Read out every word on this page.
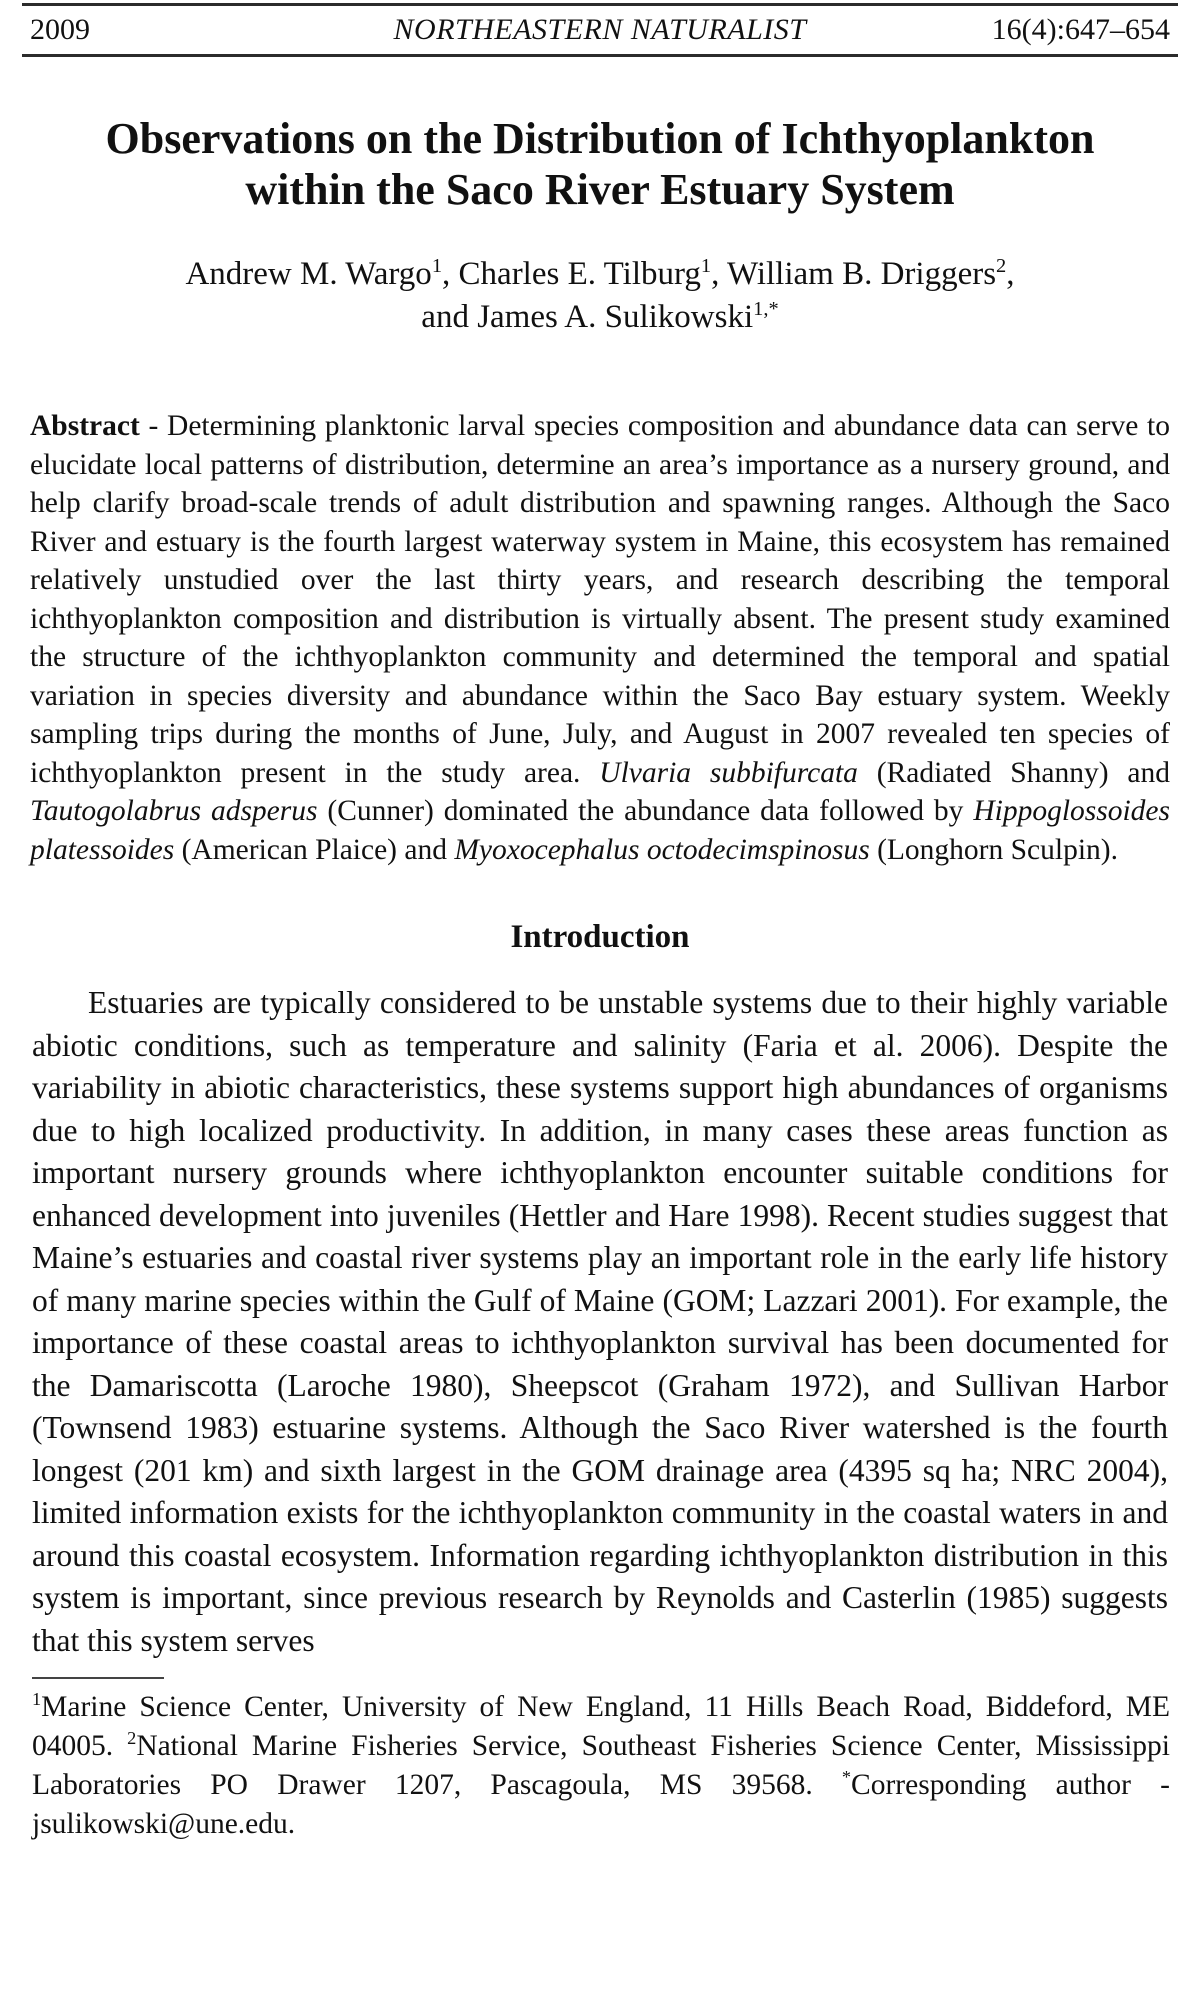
2009	NORTHEASTERN NATURALIST	16(4):647–654
Observations on the Distribution of Ichthyoplankton
within the Saco River Estuary System
Andrew M. Wargo$^1$, Charles E. Tilburg$^1$, William B. Driggers$^2$,
and James A. Sulikowski$^{1,*}$

Abstract - Determining planktonic larval species composition and abundance data can serve to elucidate local patterns of distribution, determine an area’s importance as a nursery ground, and help clarify broad-scale trends of adult distribution and spawning ranges. Although the Saco River and estuary is the fourth largest waterway system in Maine, this ecosystem has remained relatively unstudied over the last thirty years, and research describing the temporal ichthyoplankton composition and distribution is virtually absent. The present study examined the structure of the ichthyoplankton community and determined the temporal and spatial variation in species diversity and abundance within the Saco Bay estuary system. Weekly sampling trips during the months of June, July, and August in 2007 revealed ten species of ichthyoplankton present in the study area. Ulvaria subbifurcata (Radiated Shanny) and Tautogolabrus adsperus (Cunner) dominated the abundance data followed by Hippoglossoides platessoides (American Plaice) and Myoxocephalus octodecimspinosus (Longhorn Sculpin).

Introduction

Estuaries are typically considered to be unstable systems due to their highly variable abiotic conditions, such as temperature and salinity (Faria et al. 2006). Despite the variability in abiotic characteristics, these systems support high abundances of organisms due to high localized productivity. In addition, in many cases these areas function as important nursery grounds where ichthyoplankton encounter suitable conditions for enhanced development into juveniles (Hettler and Hare 1998). Recent studies suggest that Maine’s estuaries and coastal river systems play an important role in the early life history of many marine species within the Gulf of Maine (GOM; Lazzari 2001). For example, the importance of these coastal areas to ichthyoplankton survival has been documented for the Damariscotta (Laroche 1980), Sheepscot (Graham 1972), and Sullivan Harbor (Townsend 1983) estuarine systems. Although the Saco River watershed is the fourth longest (201 km) and sixth largest in the GOM drainage area (4395 sq ha; NRC 2004), limited information exists for the ichthyoplankton community in the coastal waters in and around this coastal ecosystem. Information regarding ichthyoplankton distribution in this system is important, since previous research by Reynolds and Casterlin (1985) suggests that this system serves

$^1$Marine Science Center, University of New England, 11 Hills Beach Road, Biddeford, ME 04005. $^2$National Marine Fisheries Service, Southeast Fisheries Science Center, Mississippi Laboratories PO Drawer 1207, Pascagoula, MS 39568. *Corresponding author - jsulikowski@une.edu.
